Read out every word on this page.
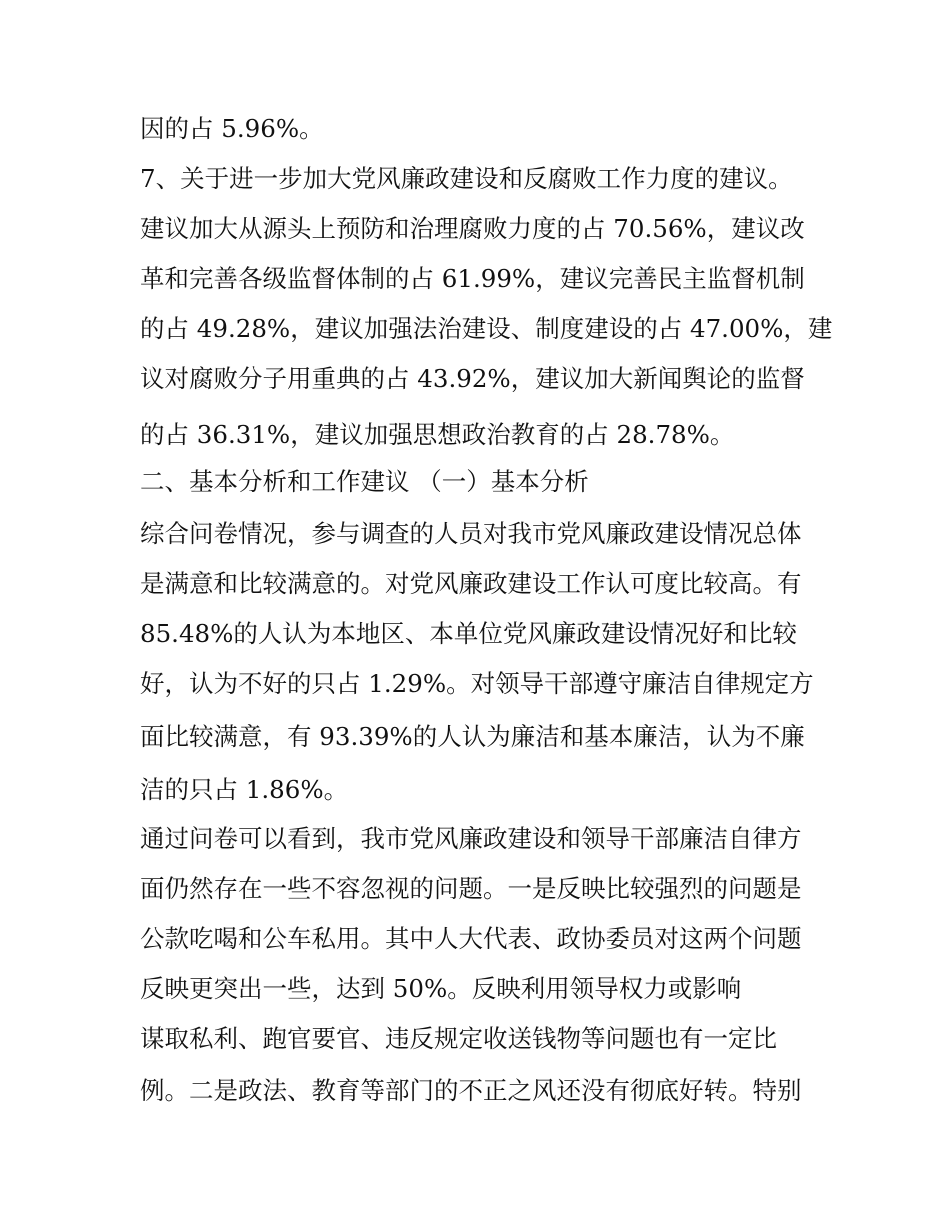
因的占 5.96%。
7、关于进一步加大党风廉政建设和反腐败工作力度的建议。
建议加大从源头上预防和治理腐败力度的占 70.56%，建议改
革和完善各级监督体制的占 61.99%，建议完善民主监督机制
的占 49.28%，建议加强法治建设、制度建设的占 47.00%，建
议对腐败分子用重典的占 43.92%，建议加大新闻舆论的监督
的占 36.31%，建议加强思想政治教育的占 28.78%。
二、基本分析和工作建议 （一）基本分析
综合问卷情况，参与调查的人员对我市党风廉政建设情况总体
是满意和比较满意的。对党风廉政建设工作认可度比较高。有
85.48%的人认为本地区、本单位党风廉政建设情况好和比较
好，认为不好的只占 1.29%。对领导干部遵守廉洁自律规定方
面比较满意，有 93.39%的人认为廉洁和基本廉洁，认为不廉
洁的只占 1.86%。
通过问卷可以看到，我市党风廉政建设和领导干部廉洁自律方
面仍然存在一些不容忽视的问题。一是反映比较强烈的问题是
公款吃喝和公车私用。其中人大代表、政协委员对这两个问题
反映更突出一些，达到 50%。反映利用领导权力或影响
谋取私利、跑官要官、违反规定收送钱物等问题也有一定比
例。二是政法、教育等部门的不正之风还没有彻底好转。特别
